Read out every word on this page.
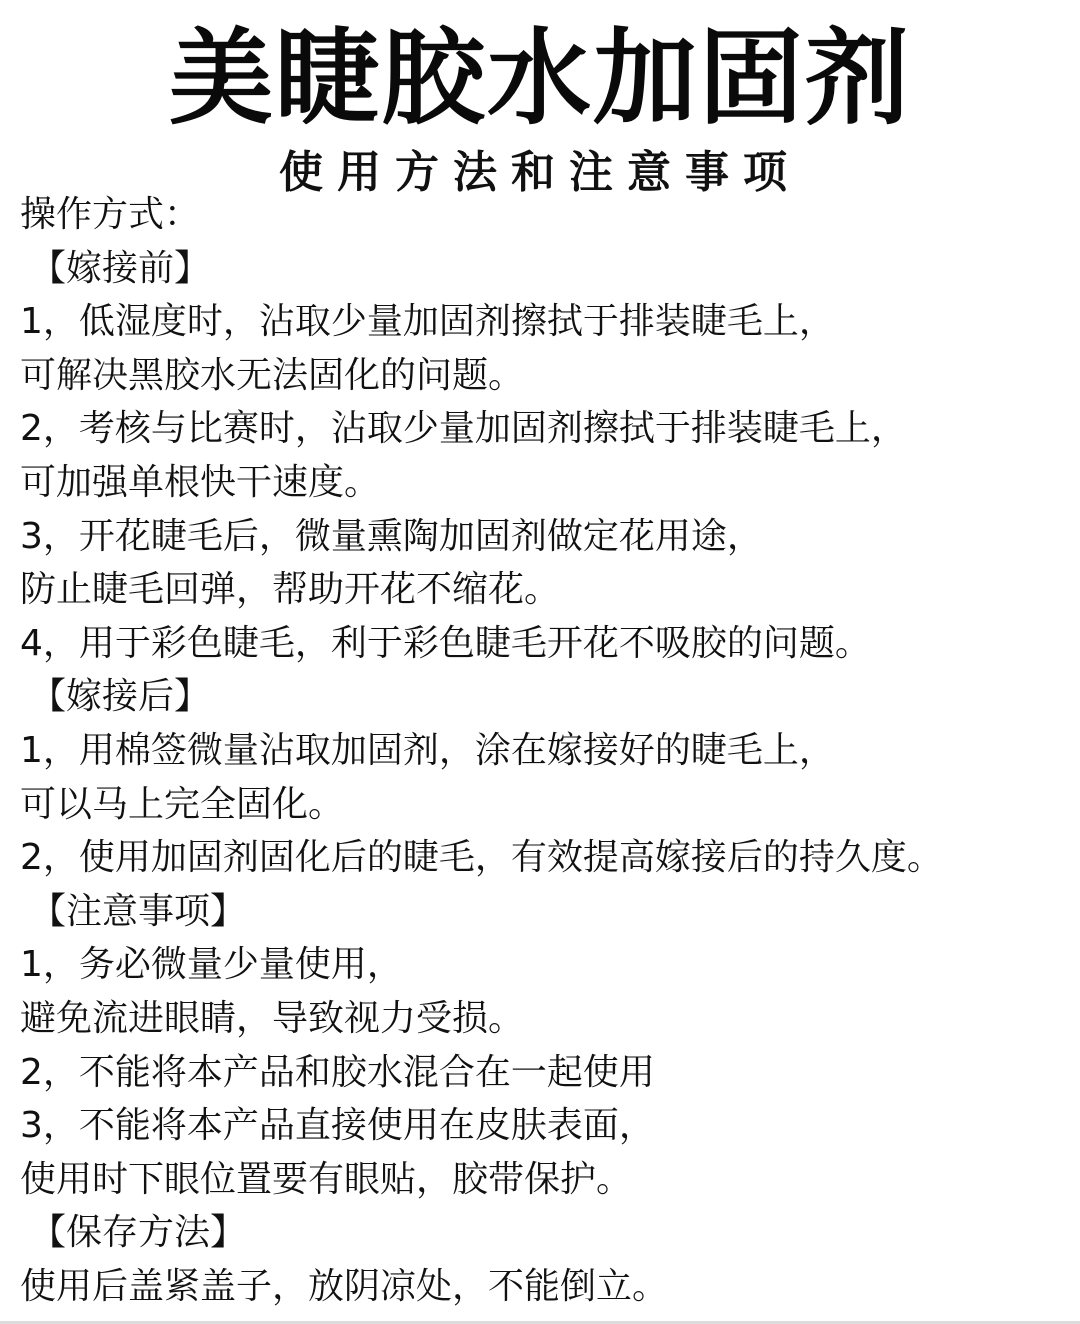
美睫胶水加固剂
使用方法和注意事项
操作方式：
【嫁接前】
1，低湿度时，沾取少量加固剂擦拭于排装睫毛上，
可解决黑胶水无法固化的问题。
2，考核与比赛时，沾取少量加固剂擦拭于排装睫毛上，
可加强单根快干速度。
3，开花睫毛后，微量熏陶加固剂做定花用途，
防止睫毛回弹，帮助开花不缩花。
4，用于彩色睫毛，利于彩色睫毛开花不吸胶的问题。
【嫁接后】
1，用棉签微量沾取加固剂，涂在嫁接好的睫毛上，
可以马上完全固化。
2，使用加固剂固化后的睫毛，有效提高嫁接后的持久度。
【注意事项】
1，务必微量少量使用，
避免流进眼睛，导致视力受损。
2，不能将本产品和胶水混合在一起使用
3，不能将本产品直接使用在皮肤表面，
使用时下眼位置要有眼贴，胶带保护。
【保存方法】
使用后盖紧盖子，放阴凉处，不能倒立。
